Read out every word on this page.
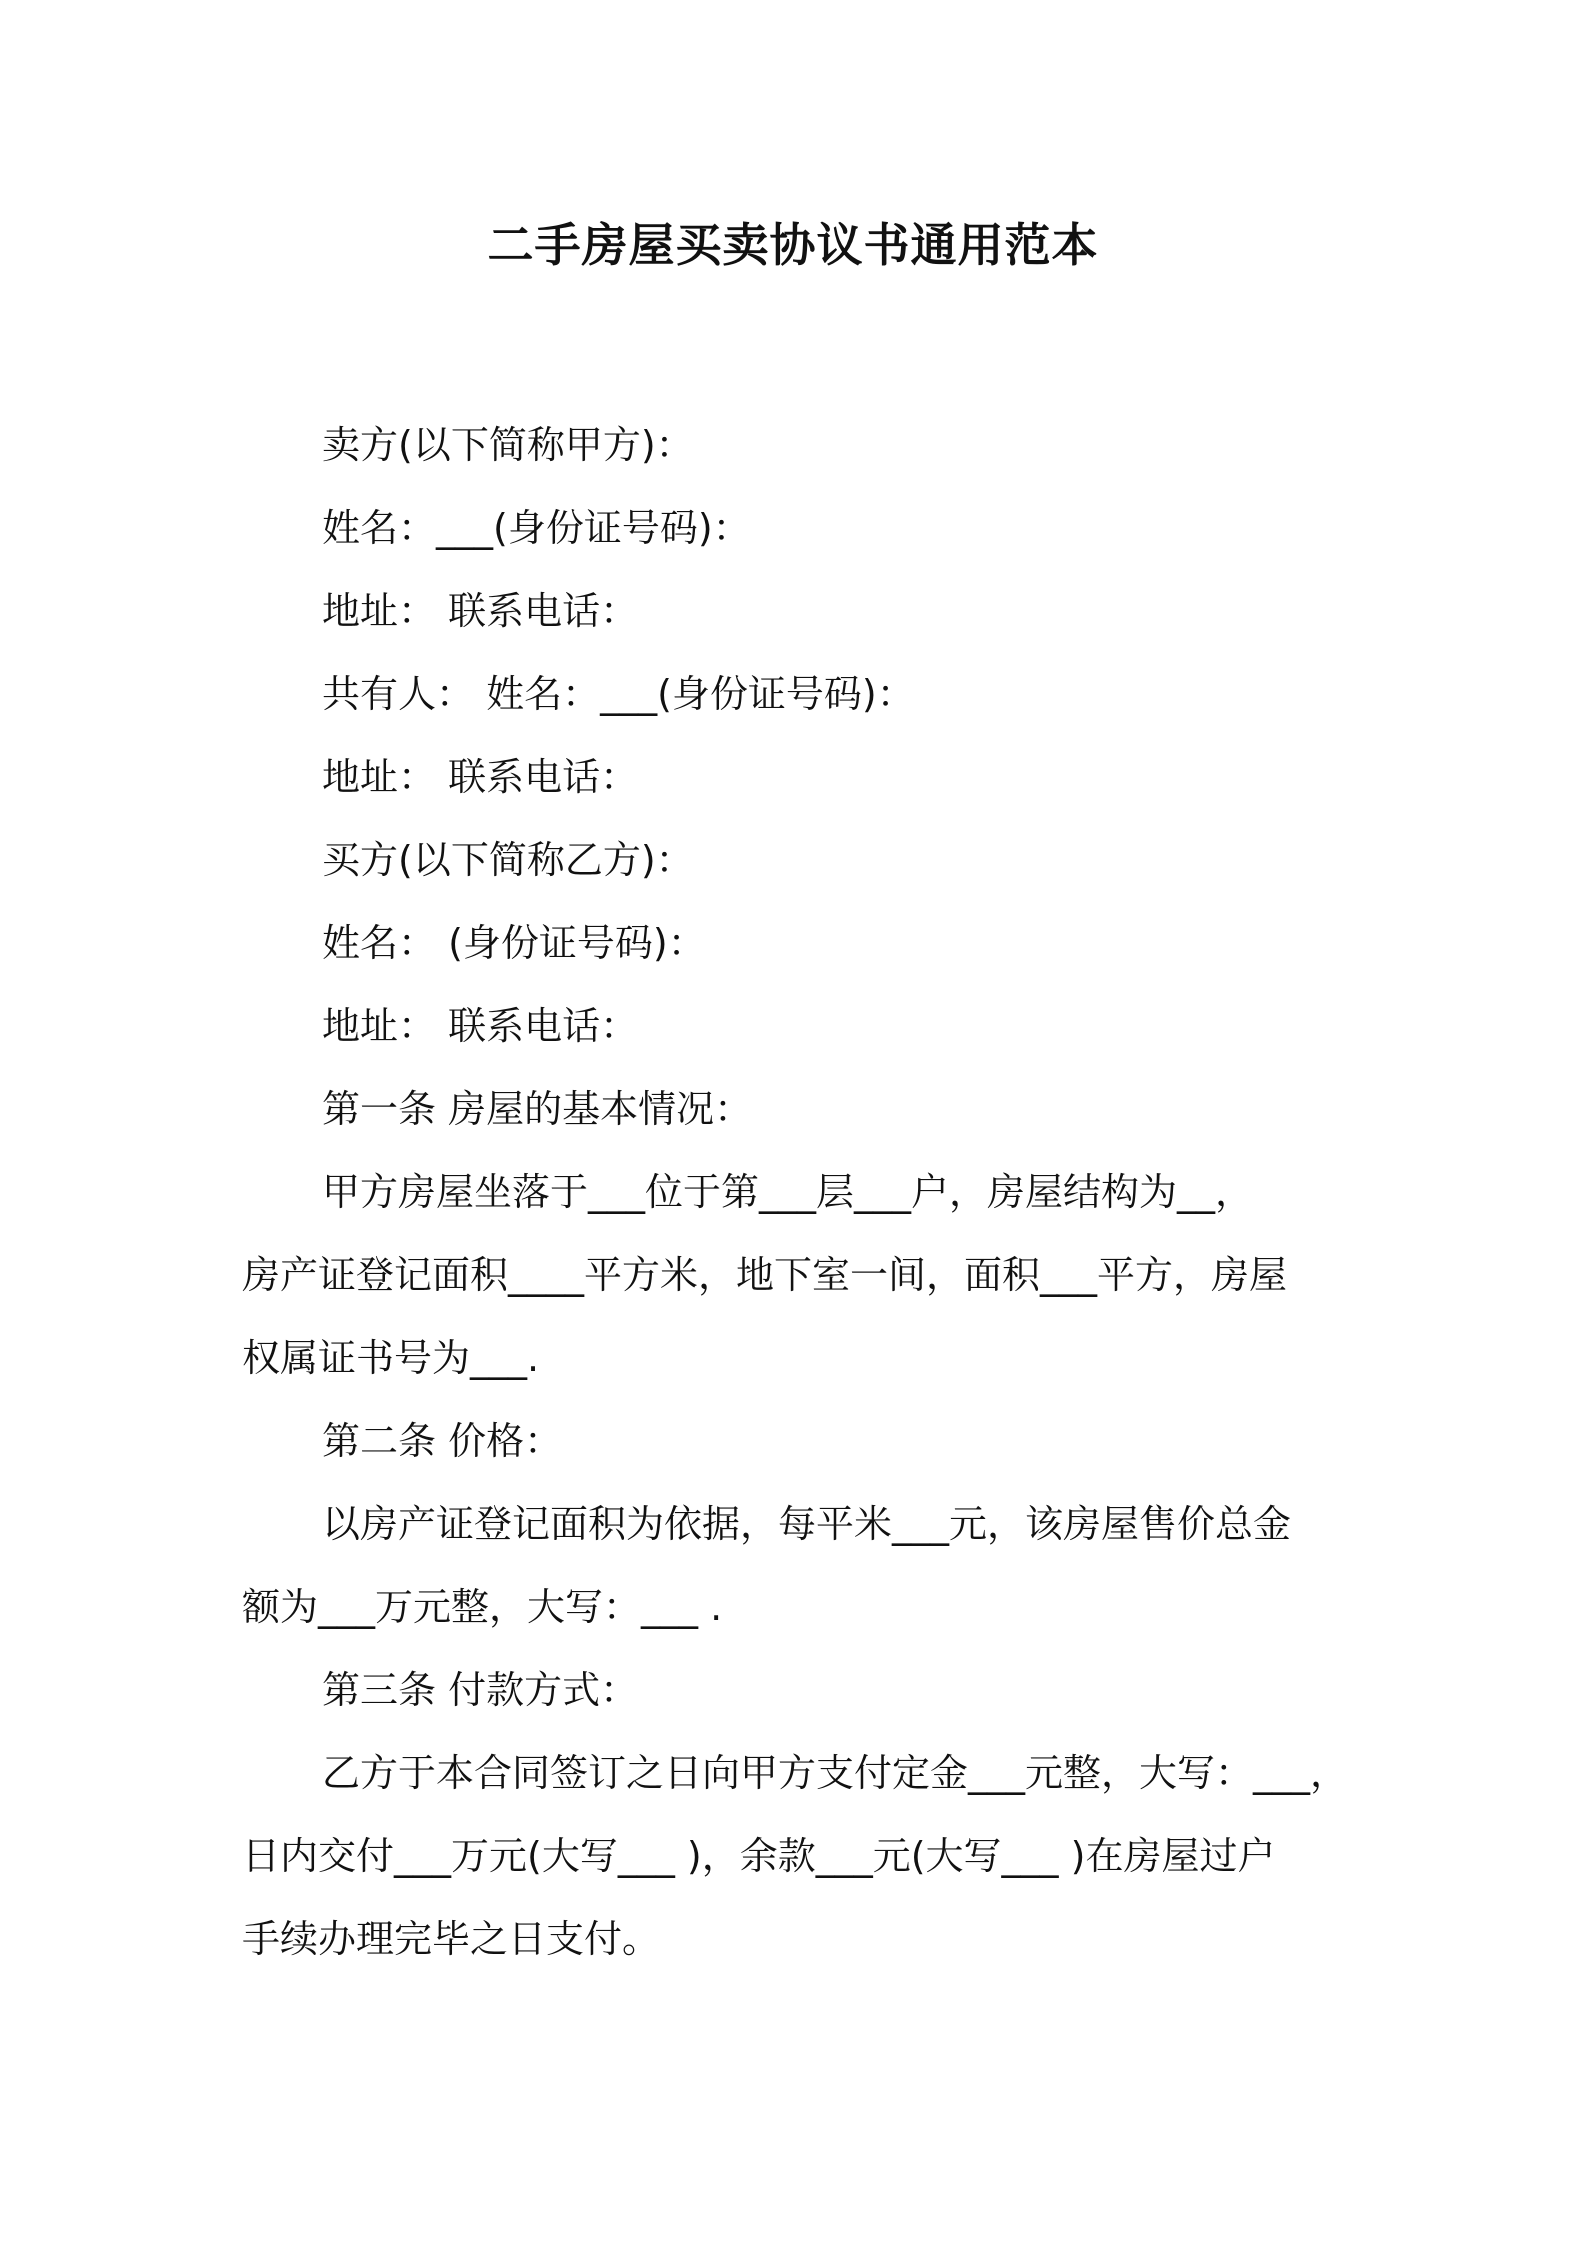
二手房屋买卖协议书通用范本

卖方(以下简称甲方)：

姓名：___(身份证号码)：

地址： 联系电话：

共有人： 姓名：___(身份证号码)：

地址： 联系电话：

买方(以下简称乙方)：

姓名： (身份证号码)：

地址： 联系电话：

第一条 房屋的基本情况：

甲方房屋坐落于___位于第___层___户，房屋结构为__，

房产证登记面积____平方米，地下室一间，面积___平方，房屋

权属证书号为___.

第二条 价格：

以房产证登记面积为依据，每平米___元，该房屋售价总金

额为___万元整，大写：___ .

第三条 付款方式：

乙方于本合同签订之日向甲方支付定金___元整，大写：___，

日内交付___万元(大写___ )，余款___元(大写___ )在房屋过户

手续办理完毕之日支付。
